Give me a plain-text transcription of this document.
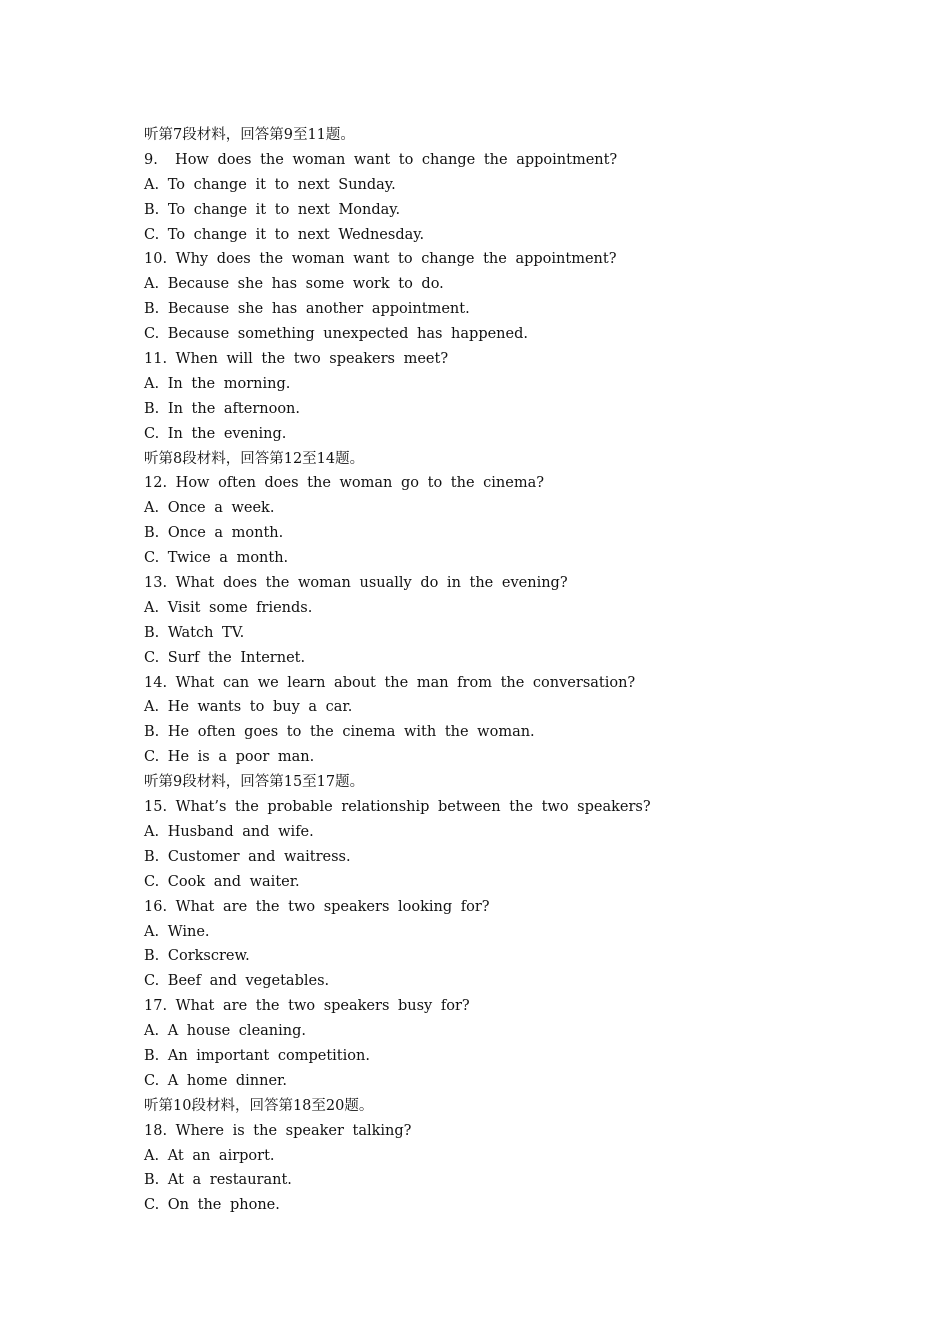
听第7段材料，回答第9至11题。
9.  How does the woman want to change the appointment?
A. To change it to next Sunday.
B. To change it to next Monday.
C. To change it to next Wednesday.
10. Why does the woman want to change the appointment?
A. Because she has some work to do.
B. Because she has another appointment.
C. Because something unexpected has happened.
11. When will the two speakers meet?
A. In the morning.
B. In the afternoon.
C. In the evening.
听第8段材料，回答第12至14题。
12. How often does the woman go to the cinema?
A. Once a week.
B. Once a month.
C. Twice a month.
13. What does the woman usually do in the evening?
A. Visit some friends.
B. Watch TV.
C. Surf the Internet.
14. What can we learn about the man from the conversation?
A. He wants to buy a car.
B. He often goes to the cinema with the woman.
C. He is a poor man.
听第9段材料，回答第15至17题。
15. What’s the probable relationship between the two speakers?
A. Husband and wife.
B. Customer and waitress.
C. Cook and waiter.
16. What are the two speakers looking for?
A. Wine.
B. Corkscrew.
C. Beef and vegetables.
17. What are the two speakers busy for?
A. A house cleaning.
B. An important competition.
C. A home dinner.
听第10段材料，回答第18至20题。
18. Where is the speaker talking?
A. At an airport.
B. At a restaurant.
C. On the phone.
